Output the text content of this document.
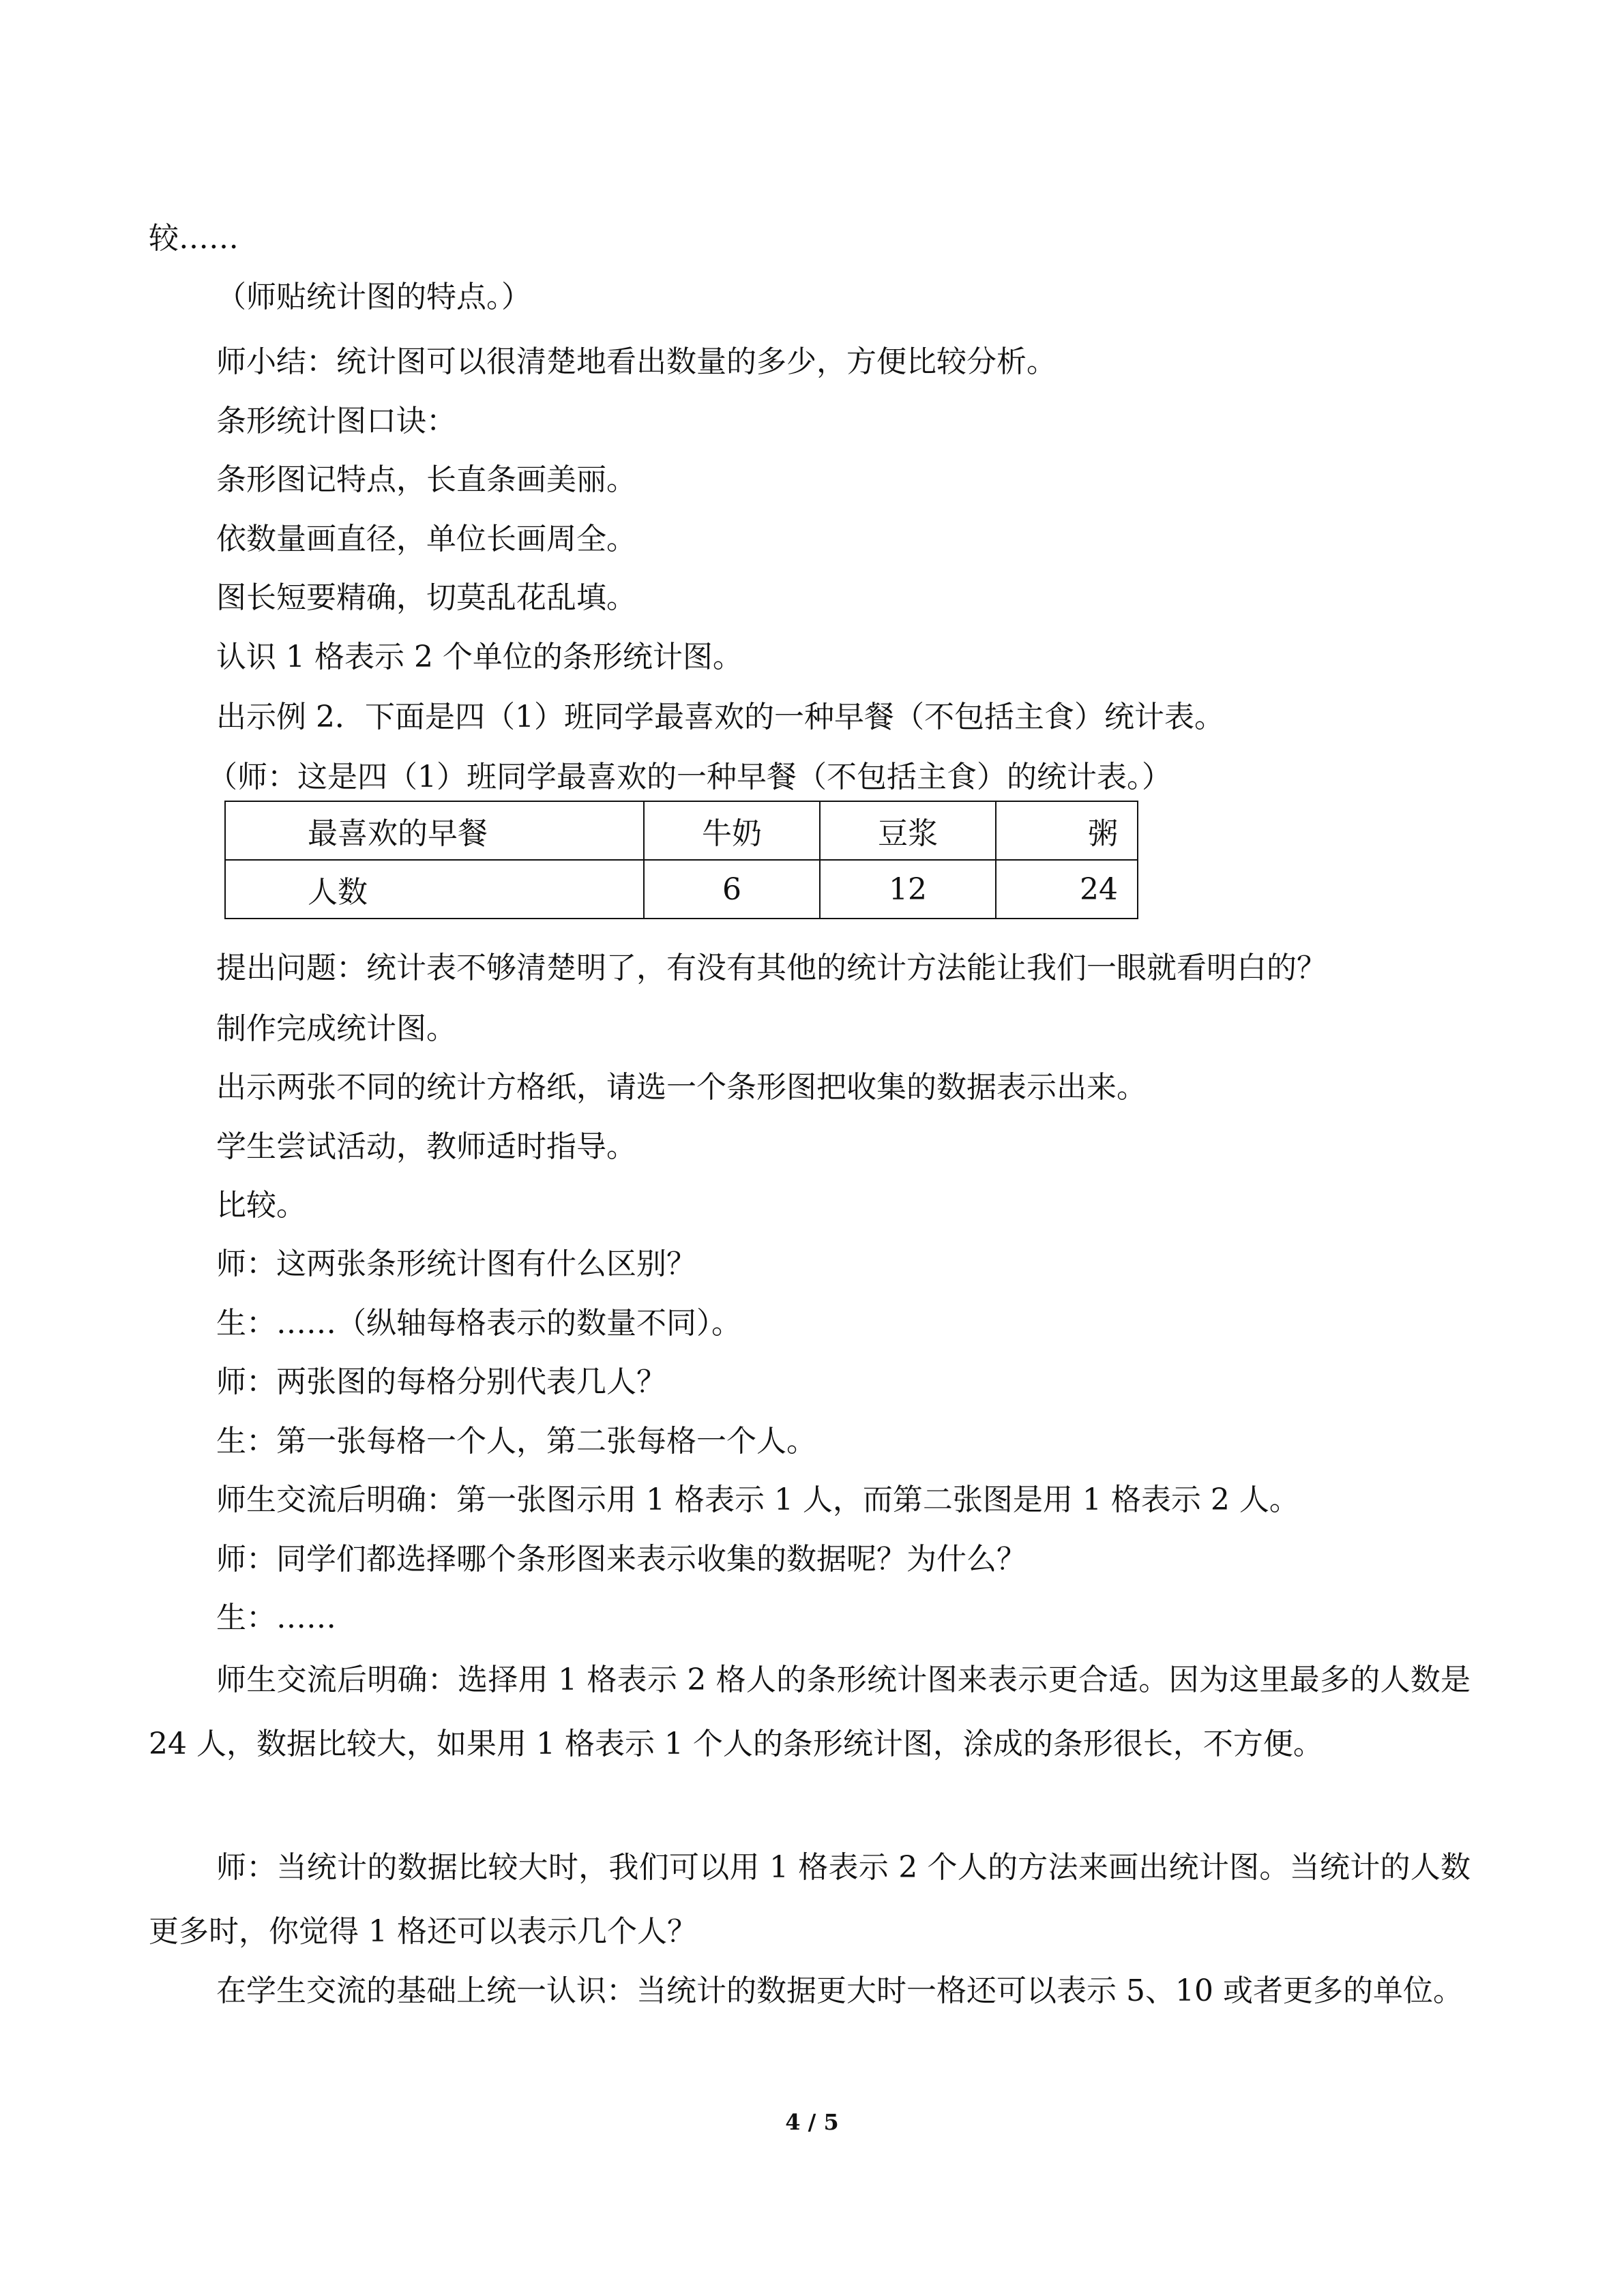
较……
（师贴统计图的特点。）
师小结：统计图可以很清楚地看出数量的多少，方便比较分析。
条形统计图口诀：
条形图记特点，长直条画美丽。
依数量画直径，单位长画周全。
图长短要精确，切莫乱花乱填。
认识 1 格表示 2 个单位的条形统计图。
出示例 2．下面是四（1）班同学最喜欢的一种早餐（不包括主食）统计表。
（师：这是四（1）班同学最喜欢的一种早餐（不包括主食）的统计表。）
最喜欢的早餐	牛奶	豆浆	粥
人数	6	12	24
提出问题：统计表不够清楚明了，有没有其他的统计方法能让我们一眼就看明白的？
制作完成统计图。
出示两张不同的统计方格纸，请选一个条形图把收集的数据表示出来。
学生尝试活动，教师适时指导。
比较。
师：这两张条形统计图有什么区别？
生：……（纵轴每格表示的数量不同）。
师：两张图的每格分别代表几人？
生：第一张每格一个人，第二张每格一个人。
师生交流后明确：第一张图示用 1 格表示 1 人，而第二张图是用 1 格表示 2 人。
师：同学们都选择哪个条形图来表示收集的数据呢？为什么？
生：……
师生交流后明确：选择用 1 格表示 2 格人的条形统计图来表示更合适。因为这里最多的人数是 24 人，数据比较大，如果用 1 格表示 1 个人的条形统计图，涂成的条形很长，不方便。
师：当统计的数据比较大时，我们可以用 1 格表示 2 个人的方法来画出统计图。当统计的人数更多时，你觉得 1 格还可以表示几个人？
在学生交流的基础上统一认识：当统计的数据更大时一格还可以表示 5、10 或者更多的单位。
4 / 5
